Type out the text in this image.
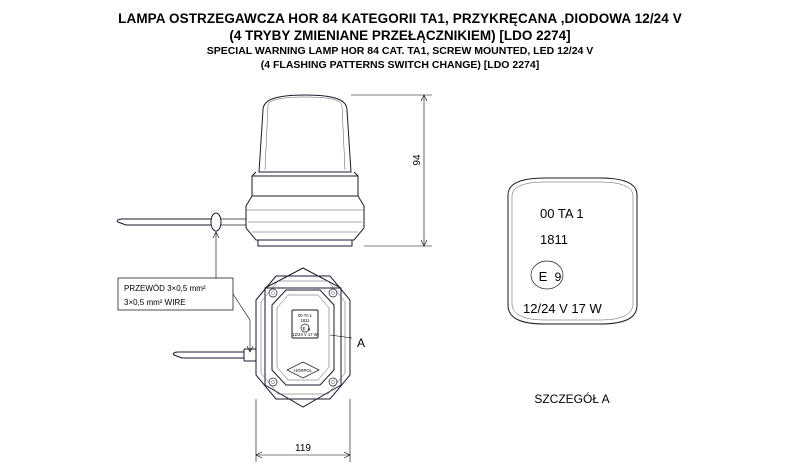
LAMPA OSTRZEGAWCZA HOR 84 KATEGORII TA1, PRZYKRĘCANA ,DIODOWA 12/24 V
(4 TRYBY ZMIENIANE PRZEŁĄCZNIKIEM) [LDO 2274]
SPECIAL WARNING LAMP HOR 84 CAT. TA1, SCREW MOUNTED, LED 12/24 V
(4 FLASHING PATTERNS SWITCH CHANGE) [LDO 2274]
94
00 TA 1
1811
E 9
12/24 V 17 W
HORPOL
A
119
PRZEWÓD 3×0,5 mm²
3×0,5 mm² WIRE
00 TA 1
1811
E 9
12/24 V 17 W
SZCZEGÓŁ A
